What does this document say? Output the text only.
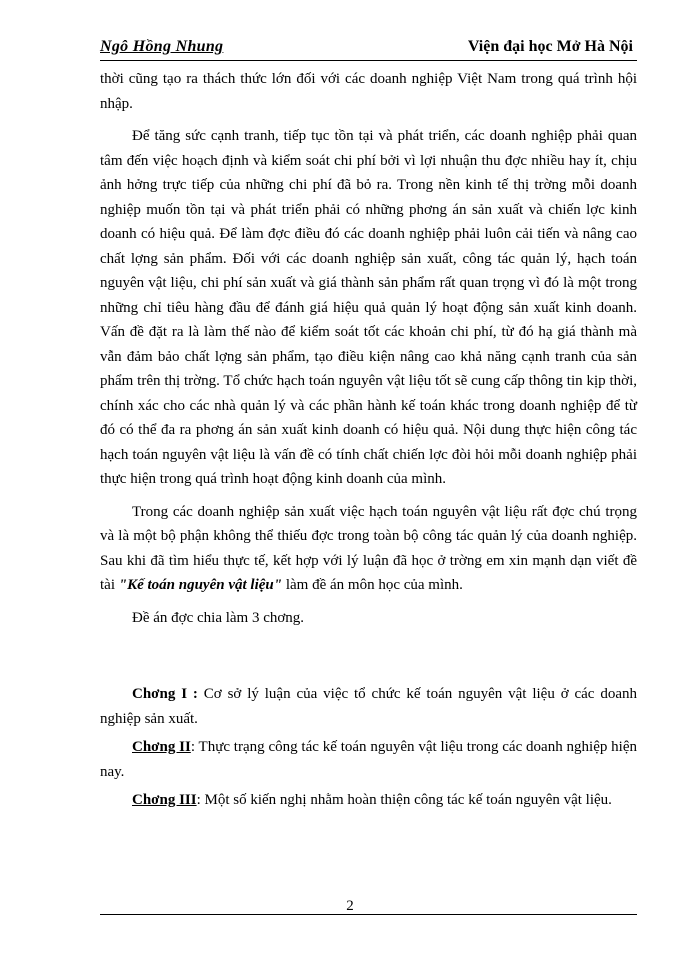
Ngô Hồng Nhung	Viện đại học Mở Hà Nội

thời cũng tạo ra thách thức lớn đối với các doanh nghiệp Việt Nam trong quá trình hội nhập.

Để tăng sức cạnh tranh, tiếp tục tồn tại và phát triển, các doanh nghiệp phải quan tâm đến việc hoạch định và kiểm soát chi phí bởi vì lợi nhuận thu đợc nhiều hay ít, chịu ảnh hởng trực tiếp của những chi phí đã bỏ ra. Trong nền kinh tế thị trờng mỗi doanh nghiệp muốn tồn tại và phát triển phải có những phơng án sản xuất và chiến lợc kinh doanh có hiệu quả. Để làm đợc điều đó các doanh nghiệp phải luôn cải tiến và nâng cao chất lợng sản phẩm. Đối với các doanh nghiệp sản xuất, công tác quản lý, hạch toán nguyên vật liệu, chi phí sản xuất và giá thành sản phẩm rất quan trọng vì đó là một trong những chỉ tiêu hàng đầu để đánh giá hiệu quả quản lý hoạt động sản xuất kinh doanh. Vấn đề đặt ra là làm thế nào để kiểm soát tốt các khoản chi phí, từ đó hạ giá thành mà vẫn đảm bảo chất lợng sản phẩm, tạo điều kiện nâng cao khả năng cạnh tranh của sản phẩm trên thị trờng. Tổ chức hạch toán nguyên vật liệu tốt sẽ cung cấp thông tin kịp thời, chính xác cho các nhà quản lý và các phần hành kế toán khác trong doanh nghiệp để từ đó có thể đa ra phơng án sản xuất kinh doanh có hiệu quả. Nội dung thực hiện công tác hạch toán nguyên vật liệu là vấn đề có tính chất chiến lợc đòi hỏi mỗi doanh nghiệp phải thực hiện trong quá trình hoạt động kinh doanh của mình.

Trong các doanh nghiệp sản xuất việc hạch toán nguyên vật liệu rất đợc chú trọng và là một bộ phận không thể thiếu đợc trong toàn bộ công tác quản lý của doanh nghiệp. Sau khi đã tìm hiểu thực tế, kết hợp với lý luận đã học ở trờng em xin mạnh dạn viết đề tài "Kế toán nguyên vật liệu" làm đề án môn học của mình.

Đề án đợc chia làm 3 chơng.

Chơng I : Cơ sở lý luận của việc tổ chức kế toán nguyên vật liệu ở các doanh nghiệp sản xuất.

Chơng II: Thực trạng công tác kế toán nguyên vật liệu trong các doanh nghiệp hiện nay.

Chơng III: Một số kiến nghị nhằm hoàn thiện công tác kế toán nguyên vật liệu.

2
